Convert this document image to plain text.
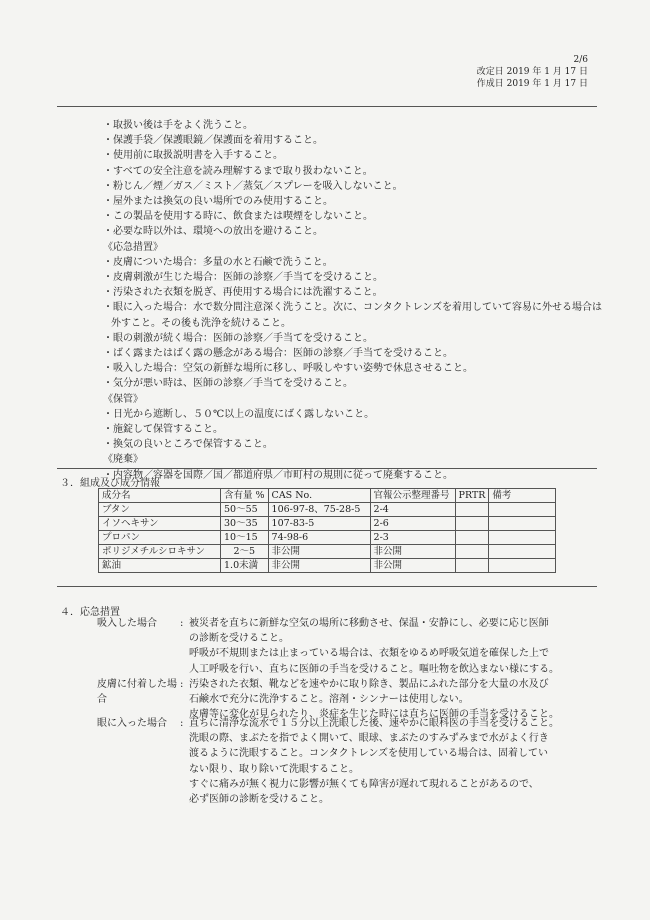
2/6
改定日 2019 年 1 月 17 日
作成日 2019 年 1 月 17 日
・取扱い後は手をよく洗うこと。
・保護手袋／保護眼鏡／保護面を着用すること。
・使用前に取扱説明書を入手すること。
・すべての安全注意を読み理解するまで取り扱わないこと。
・粉じん／煙／ガス／ミスト／蒸気／スプレーを吸入しないこと。
・屋外または換気の良い場所でのみ使用すること。
・この製品を使用する時に、飲食または喫煙をしないこと。
・必要な時以外は、環境への放出を避けること。
《応急措置》
・皮膚についた場合：多量の水と石鹸で洗うこと。
・皮膚刺激が生じた場合：医師の診察／手当てを受けること。
・汚染された衣類を脱ぎ、再使用する場合には洗濯すること。
・眼に入った場合：水で数分間注意深く洗うこと。次に、コンタクトレンズを着用していて容易に外せる場合は外すこと。その後も洗浄を続けること。
・眼の刺激が続く場合：医師の診察／手当てを受けること。
・ばく露またはばく露の懸念がある場合：医師の診察／手当てを受けること。
・吸入した場合：空気の新鮮な場所に移し、呼吸しやすい姿勢で休息させること。
・気分が悪い時は、医師の診察／手当てを受けること。
《保管》
・日光から遮断し、５０℃以上の温度にばく露しないこと。
・施錠して保管すること。
・換気の良いところで保管すること。
《廃棄》
・内容物／容器を国際／国／都道府県／市町村の規則に従って廃棄すること。
３．組成及び成分情報
成分名	含有量 %	CAS No.	官報公示整理番号	PRTR	備考
ブタン	50～55	106-97-8、75-28-5	2-4		
イソヘキサン	30～35	107-83-5	2-6		
プロパン	10～15	74-98-6	2-3		
ポリジメチルシロキサン	2～5	非公開	非公開		
鉱油	1.0未満	非公開	非公開		
４．応急措置
吸入した場合	: 被災者を直ちに新鮮な空気の場所に移動させ、保温・安静にし、必要に応じ医師
の診断を受けること。
呼吸が不規則または止まっている場合は、衣類をゆるめ呼吸気道を確保した上で
人工呼吸を行い、直ちに医師の手当を受けること。嘔吐物を飲込まない様にする。
皮膚に付着した場合
: 汚染された衣類、靴などを速やかに取り除き、製品にふれた部分を大量の水及び
石鹸水で充分に洗浄すること。溶剤・シンナーは使用しない。
皮膚等に変化が見られたり、炎症を生じた時には直ちに医師の手当を受けること。
眼に入った場合	: 直ちに清浄な流水で１５分以上洗眼した後、速やかに眼科医の手当を受けること。
洗眼の際、まぶたを指でよく開いて、眼球、まぶたのすみずみまで水がよく行き
渡るように洗眼すること。コンタクトレンズを使用している場合は、固着してい
ない限り、取り除いて洗眼すること。
すぐに痛みが無く視力に影響が無くても障害が遅れて現れることがあるので、
必ず医師の診断を受けること。
